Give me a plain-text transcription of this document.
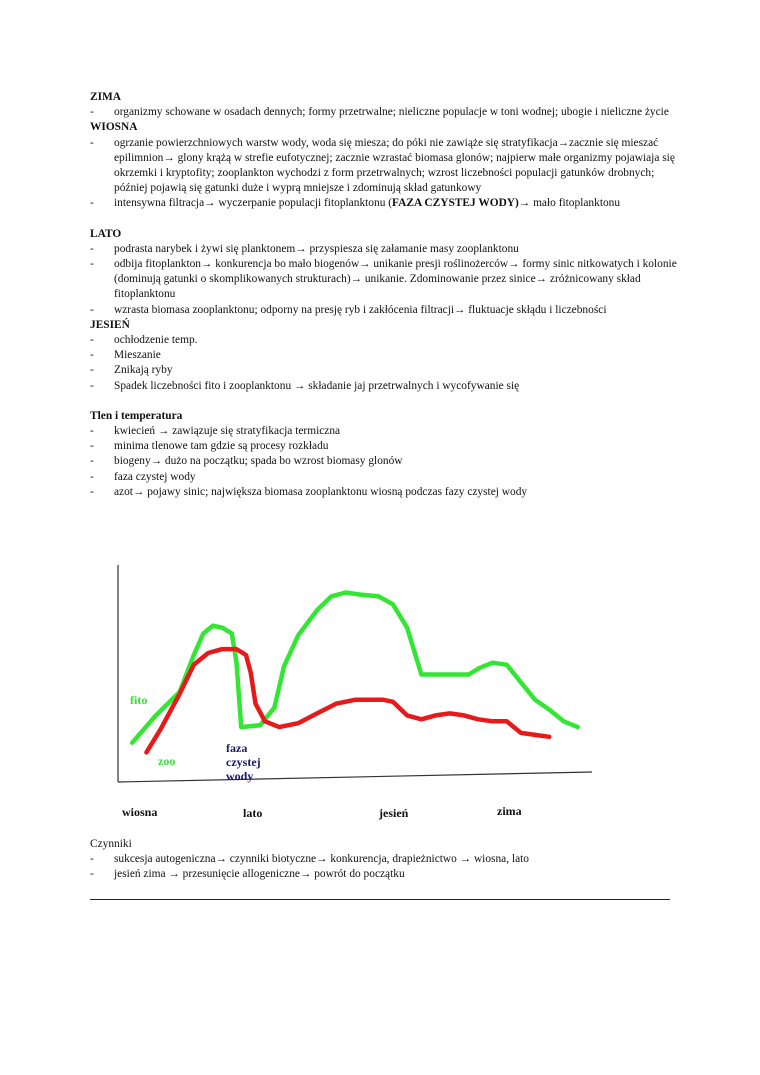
ZIMA

- organizmy schowane w osadach dennych; formy przetrwalne; nieliczne populacje w toni wodnej; ubogie i nieliczne życie

WIOSNA

- ogrzanie powierzchniowych warstw wody, woda się miesza; do póki nie zawiąże się stratyfikacja→zacznie się mieszać epilimnion→ glony krążą w strefie eufotycznej; zacznie wzrastać biomasa glonów; najpierw małe organizmy pojawiaja się okrzemki i kryptofity; zooplankton wychodzi z form przetrwalnych; wzrost liczebności populacji gatunków drobnych; później pojawią się gatunki duże i wyprą mniejsze i zdominują skład gatunkowy
- intensywna filtracja→ wyczerpanie populacji fitoplanktonu (FAZA CZYSTEJ WODY)→ mało fitoplanktonu

LATO

- podrasta narybek i żywi się planktonem→ przyspiesza się załamanie masy zooplanktonu
- odbija fitoplankton→ konkurencja bo mało biogenów→ unikanie presji roślinożerców→ formy sinic nitkowatych i kolonie (dominują gatunki o skomplikowanych strukturach)→ unikanie. Zdominowanie przez sinice→ zróżnicowany skład fitoplanktonu
- wzrasta biomasa zooplanktonu; odporny na presję ryb i zakłócenia filtracji→ fluktuacje skłądu i liczebności

JESIEŃ

- ochłodzenie temp.
- Mieszanie
- Znikają ryby
- Spadek liczebności fito i zooplanktonu → składanie jaj przetrwalnych i wycofywanie się

Tlen i temperatura

- kwiecień → zawiązuje się stratyfikacja termiczna
- minima tlenowe tam gdzie są procesy rozkładu
- biogeny→ dużo na początku; spada bo wzrost biomasy glonów
- faza czystej wody
- azot→ pojawy sinic; największa biomasa zooplanktonu wiosną podczas fazy czystej wody
fito
zoo
faza
czystej
wody
wiosna	lato	jesień	zima

Czynniki

- sukcesja autogeniczna→ czynniki biotyczne→ konkurencja, drapieżnictwo → wiosna, lato
- jesień zima → przesunięcie allogeniczne→ powrót do początku
